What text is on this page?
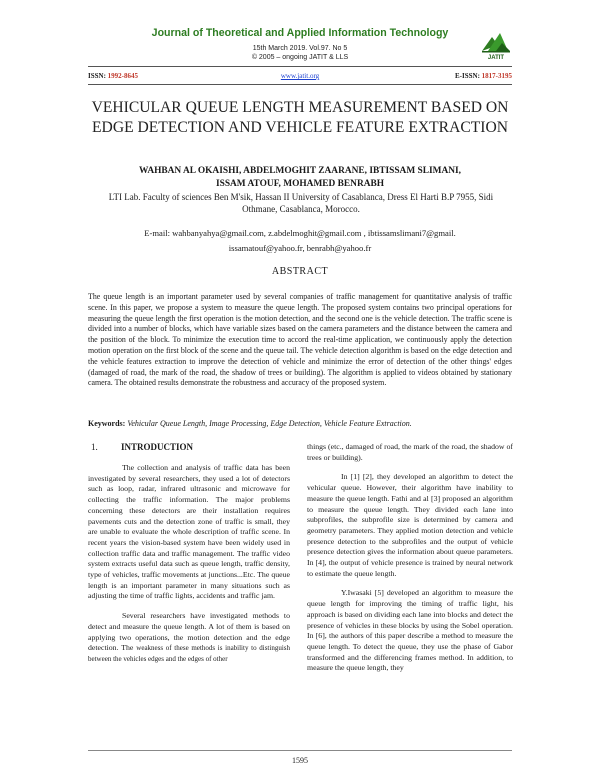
Journal of Theoretical and Applied Information Technology
15th March 2019. Vol.97. No 5
© 2005 – ongoing JATIT & LLS	JATIT
ISSN: 1992-8645	www.jatit.org	E-ISSN: 1817-3195
VEHICULAR QUEUE LENGTH MEASUREMENT BASED ON
EDGE DETECTION AND VEHICLE FEATURE EXTRACTION
WAHBAN AL OKAISHI, ABDELMOGHIT ZAARANE, IBTISSAM SLIMANI,
ISSAM ATOUF, MOHAMED BENRABH
LTI Lab. Faculty of sciences Ben M'sik, Hassan II University of Casablanca, Dress El Harti B.P 7955, Sidi Othmane, Casablanca, Morocco.
E-mail: wahbanyahya@gmail.com, z.abdelmoghit@gmail.com , ibtissamslimani7@gmail.
issamatouf@yahoo.fr, benrabh@yahoo.fr
ABSTRACT
The queue length is an important parameter used by several companies of traffic management for quantitative analysis of traffic scene. In this paper, we propose a system to measure the queue length. The proposed system contains two principal operations for measuring the queue length the first operation is the motion detection, and the second one is the vehicle detection. The traffic scene is divided into a number of blocks, which have variable sizes based on the camera parameters and the distance between the camera and the position of the block. To minimize the execution time to accord the real-time application, we continuously apply the detection motion operation on the first block of the scene and the queue tail. The vehicle detection algorithm is based on the edge detection and the vehicle features extraction to improve the detection of vehicle and minimize the error of detection of the other things' edges (damaged of road, the mark of the road, the shadow of trees or building). The algorithm is applied to videos obtained by stationary camera. The obtained results demonstrate the robustness and accuracy of the proposed system.
Keywords: Vehicular Queue Length, Image Processing, Edge Detection, Vehicle Feature Extraction.
1.	INTRODUCTION

The collection and analysis of traffic data has been investigated by several researchers, they used a lot of detectors such as loop, radar, infrared ultrasonic and microwave for collecting the traffic information. The major problems concerning these detectors are their installation requires pavements cuts and the detection zone of traffic is small, they are unable to evaluate the whole description of traffic scene. In recent years the vision-based system have been widely used in collection traffic data and traffic management. The traffic video system extracts useful data such as queue length, traffic density, type of vehicles, traffic movements at junctions...Etc. The queue length is an important parameter in many situations such as adjusting the time of traffic lights, accidents and traffic jam.

Several researchers have investigated methods to detect and measure the queue length. A lot of them is based on applying two operations, the motion detection and the edge detection. The weakness of these methods is inability to distinguish between the vehicles edges and the edges of other

things (etc., damaged of road, the mark of the road, the shadow of trees or building).

In [1] [2], they developed an algorithm to detect the vehicular queue. However, their algorithm have inability to measure the queue length. Fathi and al [3] proposed an algorithm to measure the queue length. They divided each lane into subprofiles, the subprofile size is determined by camera and geometry parameters. They applied motion detection and vehicle presence detection to the subprofiles and the output of vehicle presence detection gives the information about queue parameters. In [4], the output of vehicle presence is trained by neural network to estimate the queue length.

Y.Iwasaki [5] developed an algorithm to measure the queue length for improving the timing of traffic light, his approach is based on dividing each lane into blocks and detect the presence of vehicles in these blocks by using the Sobel operation. In [6], the authors of this paper describe a method to measure the queue length. To detect the queue, they use the phase of Gabor transformed and the differencing frames method. In addition, to measure the queue length, they

1595
